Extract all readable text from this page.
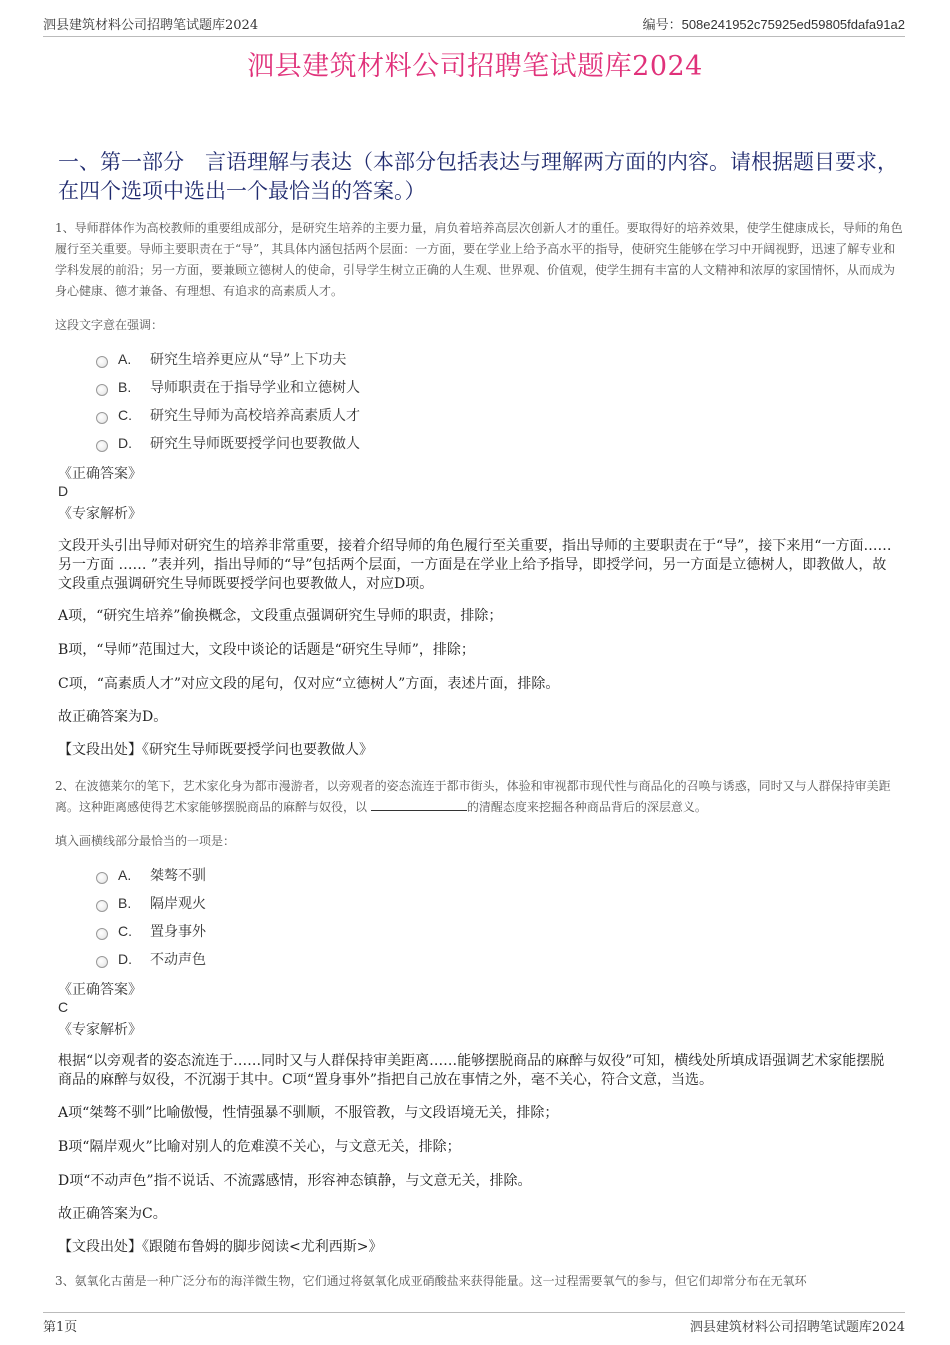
泗县建筑材料公司招聘笔试题库2024	编号：508e241952c75925ed59805fdafa91a2
泗县建筑材料公司招聘笔试题库2024
一、第一部分　言语理解与表达（本部分包括表达与理解两方面的内容。请根据题目要求，在四个选项中选出一个最恰当的答案。）
1、导师群体作为高校教师的重要组成部分，是研究生培养的主要力量，肩负着培养高层次创新人才的重任。要取得好的培养效果，使学生健康成长，导师的角色履行至关重要。导师主要职责在于“导”，其具体内涵包括两个层面：一方面，要在学业上给予高水平的指导，使研究生能够在学习中开阔视野，迅速了解专业和学科发展的前沿；另一方面，要兼顾立德树人的使命，引导学生树立正确的人生观、世界观、价值观，使学生拥有丰富的人文精神和浓厚的家国情怀，从而成为身心健康、德才兼备、有理想、有追求的高素质人才。
这段文字意在强调：
A.	研究生培养更应从“导”上下功夫
B.	导师职责在于指导学业和立德树人
C.	研究生导师为高校培养高素质人才
D.	研究生导师既要授学问也要教做人
《正确答案》
D
《专家解析》
文段开头引出导师对研究生的培养非常重要，接着介绍导师的角色履行至关重要，指出导师的主要职责在于“导”，接下来用“一方面……另一方面 …… ”表并列，指出导师的“导”包括两个层面，一方面是在学业上给予指导，即授学问，另一方面是立德树人，即教做人，故文段重点强调研究生导师既要授学问也要教做人，对应D项。
A项，“研究生培养”偷换概念，文段重点强调研究生导师的职责，排除；
B项，“导师”范围过大，文段中谈论的话题是“研究生导师”，排除；
C项，“高素质人才”对应文段的尾句，仅对应“立德树人”方面，表述片面，排除。
故正确答案为D。
【文段出处】《研究生导师既要授学问也要教做人》
2、在波德莱尔的笔下，艺术家化身为都市漫游者，以旁观者的姿态流连于都市街头，体验和审视都市现代性与商品化的召唤与诱惑，同时又与人群保持审美距离。这种距离感使得艺术家能够摆脱商品的麻醉与奴役，以	的清醒态度来挖掘各种商品背后的深层意义。
填入画横线部分最恰当的一项是：
A.	桀骜不驯
B.	隔岸观火
C.	置身事外
D.	不动声色
《正确答案》
C
《专家解析》
根据“以旁观者的姿态流连于……同时又与人群保持审美距离……能够摆脱商品的麻醉与奴役”可知，横线处所填成语强调艺术家能摆脱商品的麻醉与奴役，不沉溺于其中。C项“置身事外”指把自己放在事情之外，毫不关心，符合文意，当选。
A项“桀骜不驯”比喻傲慢，性情强暴不驯顺，不服管教，与文段语境无关，排除；
B项“隔岸观火”比喻对别人的危难漠不关心，与文意无关，排除；
D项“不动声色”指不说话、不流露感情，形容神态镇静，与文意无关，排除。
故正确答案为C。
【文段出处】《跟随布鲁姆的脚步阅读<尤利西斯>》
3、氨氧化古菌是一种广泛分布的海洋微生物，它们通过将氨氧化成亚硝酸盐来获得能量。这一过程需要氧气的参与，但它们却常分布在无氧环
第1页	泗县建筑材料公司招聘笔试题库2024
